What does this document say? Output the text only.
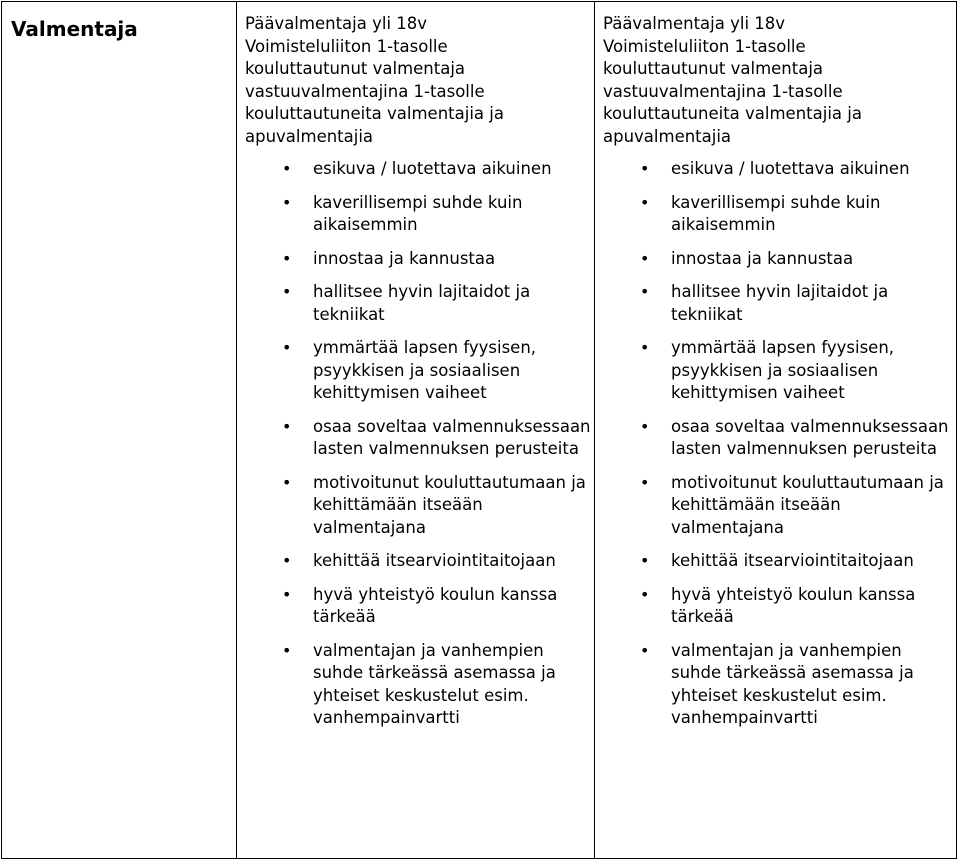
Valmentaja	Päävalmentaja yli 18v
Voimisteluliiton 1-tasolle
kouluttautunut valmentaja
vastuuvalmentajina 1-tasolle
kouluttautuneita valmentajia ja
apuvalmentajia
• esikuva / luotettava aikuinen
• kaverillisempi suhde kuin aikaisemmin
• innostaa ja kannustaa
• hallitsee hyvin lajitaidot ja tekniikat
• ymmärtää lapsen fyysisen, psyykkisen ja sosiaalisen kehittymisen vaiheet
• osaa soveltaa valmennuksessaan lasten valmennuksen perusteita
• motivoitunut kouluttautumaan ja kehittämään itseään valmentajana
• kehittää itsearviointitaitojaan
• hyvä yhteistyö koulun kanssa tärkeää
• valmentajan ja vanhempien suhde tärkeässä asemassa ja yhteiset keskustelut esim. vanhempainvartti

Päävalmentaja yli 18v
Voimisteluliiton 1-tasolle
kouluttautunut valmentaja
vastuuvalmentajina 1-tasolle
kouluttautuneita valmentajia ja
apuvalmentajia
• esikuva / luotettava aikuinen
• kaverillisempi suhde kuin aikaisemmin
• innostaa ja kannustaa
• hallitsee hyvin lajitaidot ja tekniikat
• ymmärtää lapsen fyysisen, psyykkisen ja sosiaalisen kehittymisen vaiheet
• osaa soveltaa valmennuksessaan lasten valmennuksen perusteita
• motivoitunut kouluttautumaan ja kehittämään itseään valmentajana
• kehittää itsearviointitaitojaan
• hyvä yhteistyö koulun kanssa tärkeää
• valmentajan ja vanhempien suhde tärkeässä asemassa ja yhteiset keskustelut esim. vanhempainvartti
